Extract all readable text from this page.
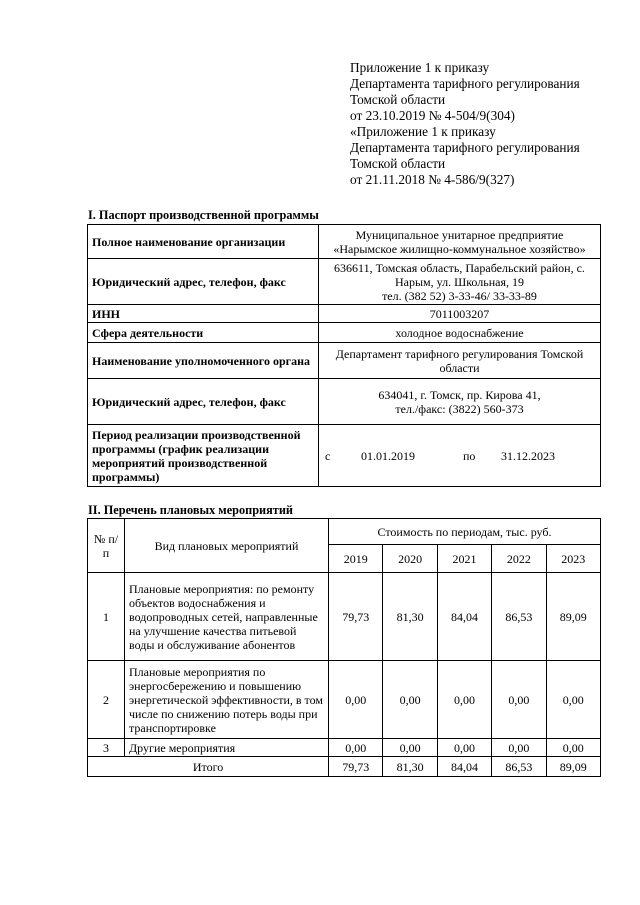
Приложение 1 к приказу
Департамента тарифного регулирования
Томской области
от 23.10.2019 № 4-504/9(304)
«Приложение 1 к приказу
Департамента тарифного регулирования
Томской области
от 21.11.2018 № 4-586/9(327)
I. Паспорт производственной программы
Полное наименование организации	Муниципальное унитарное предприятие «Нарымское жилищно-коммунальное хозяйство»
Юридический адрес, телефон, факс	636611, Томская область, Парабельский район, с.
Нарым, ул. Школьная, 19
тел. (382 52) 3-33-46/ 33-33-89

ИНН	7011003207
Сфера деятельности	холодное водоснабжение
Наименование уполномоченного органа	Департамент тарифного регулирования Томской области
Юридический адрес, телефон, факс	634041, г. Томск, пр. Кирова 41,
тел./факс: (3822) 560-373

Период реализации производственной программы (график реализации мероприятий производственной программы)	с 01.01.2019 по 31.12.2023
II. Перечень плановых мероприятий
№ п/п	Вид плановых мероприятий	Стоимость по периодам, тыс. руб.				
		2019	2020	2021	2022	2023
1	Плановые мероприятия: по ремонту объектов водоснабжения и водопроводных сетей, направленные на улучшение качества питьевой воды и обслуживание абонентов	79,73	81,30	84,04	86,53	89,09
2	Плановые мероприятия по энергосбережению и повышению энергетической эффективности, в том числе по снижению потерь воды при транспортировке	0,00	0,00	0,00	0,00	0,00
3	Другие мероприятия	0,00	0,00	0,00	0,00	0,00
Итого		79,73	81,30	84,04	86,53	89,09
